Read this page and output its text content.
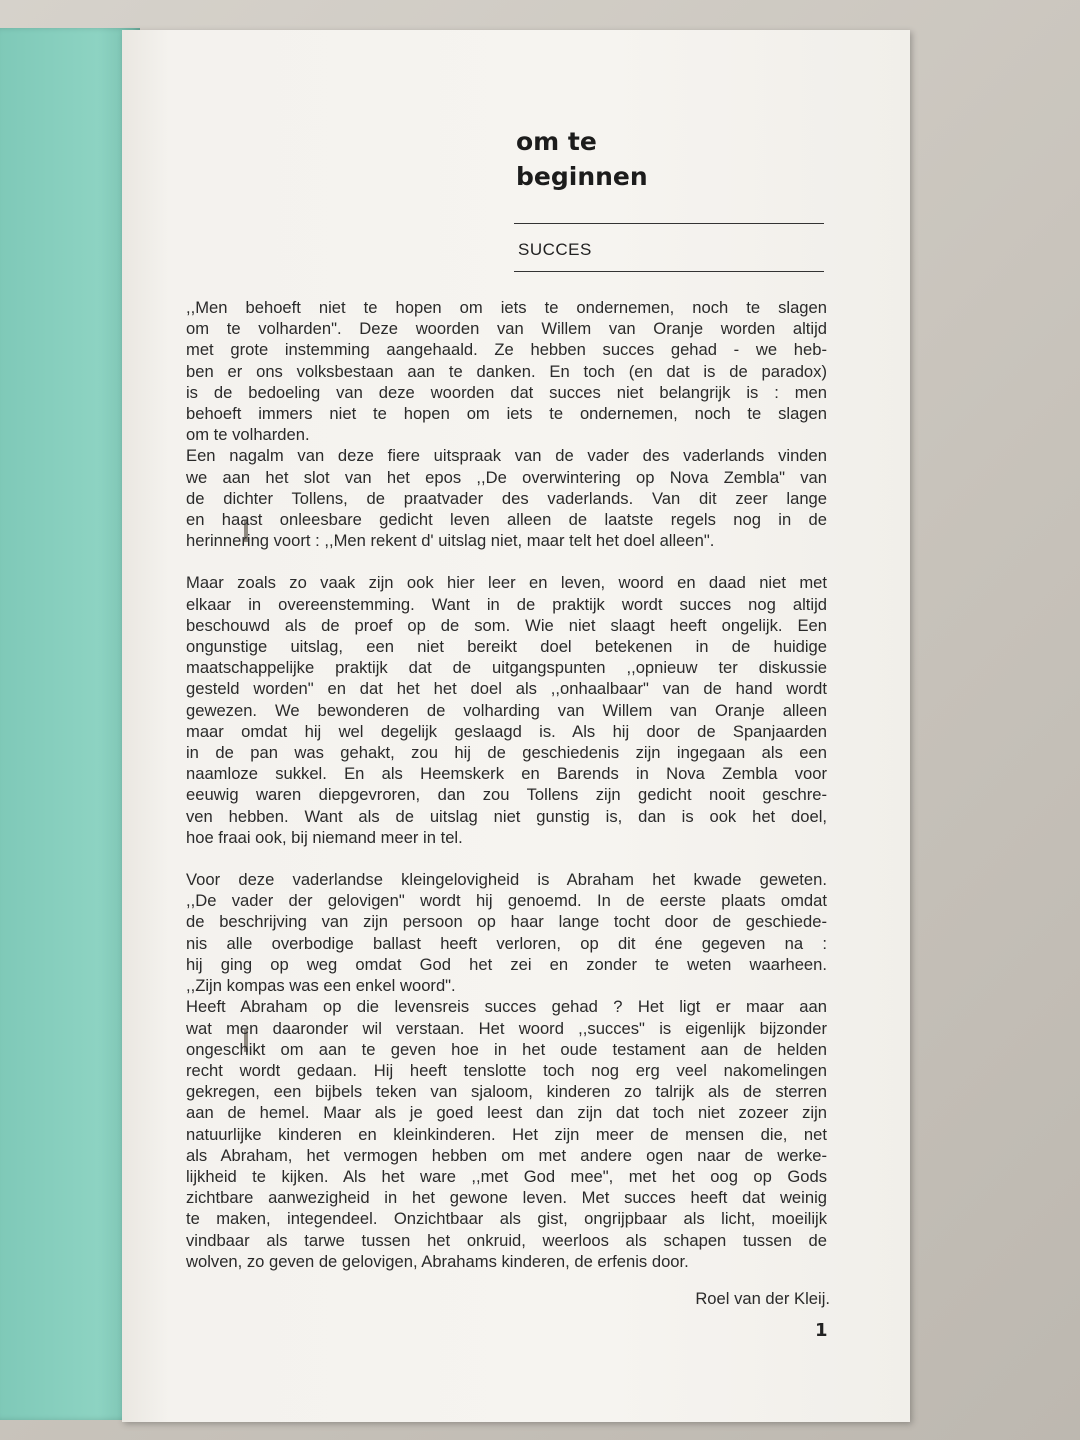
om te
beginnen
SUCCES

,,Men behoeft niet te hopen om iets te ondernemen, noch te slagen
om te volharden". Deze woorden van Willem van Oranje worden altijd
met grote instemming aangehaald. Ze hebben succes gehad - we heb-
ben er ons volksbestaan aan te danken. En toch (en dat is de paradox)
is de bedoeling van deze woorden dat succes niet belangrijk is : men
behoeft immers niet te hopen om iets te ondernemen, noch te slagen
om te volharden.

Een nagalm van deze fiere uitspraak van de vader des vaderlands vinden
we aan het slot van het epos ,,De overwintering op Nova Zembla" van
de dichter Tollens, de praatvader des vaderlands. Van dit zeer lange
en haast onleesbare gedicht leven alleen de laatste regels nog in de
herinnering voort : ,,Men rekent d' uitslag niet, maar telt het doel alleen".

Maar zoals zo vaak zijn ook hier leer en leven, woord en daad niet met
elkaar in overeenstemming. Want in de praktijk wordt succes nog altijd
beschouwd als de proef op de som. Wie niet slaagt heeft ongelijk. Een
ongunstige uitslag, een niet bereikt doel betekenen in de huidige
maatschappelijke praktijk dat de uitgangspunten ,,opnieuw ter diskussie
gesteld worden" en dat het het doel als ,,onhaalbaar" van de hand wordt
gewezen. We bewonderen de volharding van Willem van Oranje alleen
maar omdat hij wel degelijk geslaagd is. Als hij door de Spanjaarden
in de pan was gehakt, zou hij de geschiedenis zijn ingegaan als een
naamloze sukkel. En als Heemskerk en Barends in Nova Zembla voor
eeuwig waren diepgevroren, dan zou Tollens zijn gedicht nooit geschre-
ven hebben. Want als de uitslag niet gunstig is, dan is ook het doel,
hoe fraai ook, bij niemand meer in tel.

Voor deze vaderlandse kleingelovigheid is Abraham het kwade geweten.
,,De vader der gelovigen" wordt hij genoemd. In de eerste plaats omdat
de beschrijving van zijn persoon op haar lange tocht door de geschiede-
nis alle overbodige ballast heeft verloren, op dit éne gegeven na :
hij ging op weg omdat God het zei en zonder te weten waarheen.
,,Zijn kompas was een enkel woord".

Heeft Abraham op die levensreis succes gehad ? Het ligt er maar aan
wat men daaronder wil verstaan. Het woord ,,succes" is eigenlijk bijzonder
ongeschikt om aan te geven hoe in het oude testament aan de helden
recht wordt gedaan. Hij heeft tenslotte toch nog erg veel nakomelingen
gekregen, een bijbels teken van sjaloom, kinderen zo talrijk als de sterren
aan de hemel. Maar als je goed leest dan zijn dat toch niet zozeer zijn
natuurlijke kinderen en kleinkinderen. Het zijn meer de mensen die, net
als Abraham, het vermogen hebben om met andere ogen naar de werke-
lijkheid te kijken. Als het ware ,,met God mee", met het oog op Gods
zichtbare aanwezigheid in het gewone leven. Met succes heeft dat weinig
te maken, integendeel. Onzichtbaar als gist, ongrijpbaar als licht, moeilijk
vindbaar als tarwe tussen het onkruid, weerloos als schapen tussen de
wolven, zo geven de gelovigen, Abrahams kinderen, de erfenis door.

Roel van der Kleij.
1
